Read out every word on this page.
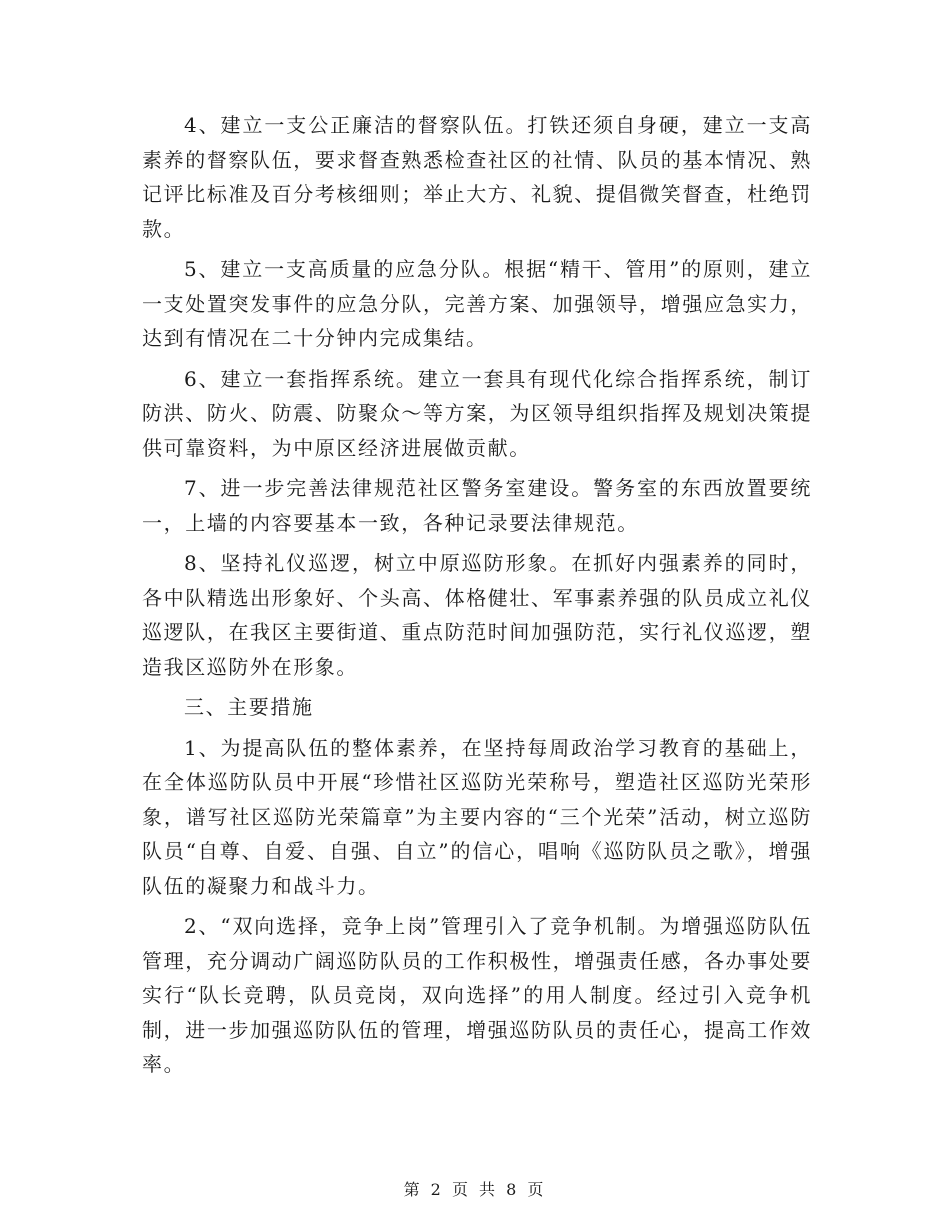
4、建立一支公正廉洁的督察队伍。打铁还须自身硬，建立一支高素养的督察队伍，要求督查熟悉检查社区的社情、队员的基本情况、熟记评比标准及百分考核细则；举止大方、礼貌、提倡微笑督查，杜绝罚款。

5、建立一支高质量的应急分队。根据“精干、管用”的原则，建立一支处置突发事件的应急分队，完善方案、加强领导，增强应急实力，达到有情况在二十分钟内完成集结。

6、建立一套指挥系统。建立一套具有现代化综合指挥系统，制订防洪、防火、防震、防聚众～等方案，为区领导组织指挥及规划决策提供可靠资料，为中原区经济进展做贡献。

7、进一步完善法律规范社区警务室建设。警务室的东西放置要统一，上墙的内容要基本一致，各种记录要法律规范。

8、坚持礼仪巡逻，树立中原巡防形象。在抓好内强素养的同时，各中队精选出形象好、个头高、体格健壮、军事素养强的队员成立礼仪巡逻队，在我区主要街道、重点防范时间加强防范，实行礼仪巡逻，塑造我区巡防外在形象。

三、主要措施

1、为提高队伍的整体素养，在坚持每周政治学习教育的基础上，在全体巡防队员中开展“珍惜社区巡防光荣称号，塑造社区巡防光荣形象，谱写社区巡防光荣篇章”为主要内容的“三个光荣”活动，树立巡防队员“自尊、自爱、自强、自立”的信心，唱响《巡防队员之歌》，增强队伍的凝聚力和战斗力。

2、“双向选择，竞争上岗”管理引入了竞争机制。为增强巡防队伍管理，充分调动广阔巡防队员的工作积极性，增强责任感，各办事处要实行“队长竞聘，队员竞岗，双向选择”的用人制度。经过引入竞争机制，进一步加强巡防队伍的管理，增强巡防队员的责任心，提高工作效率。

第 2 页 共 8 页
